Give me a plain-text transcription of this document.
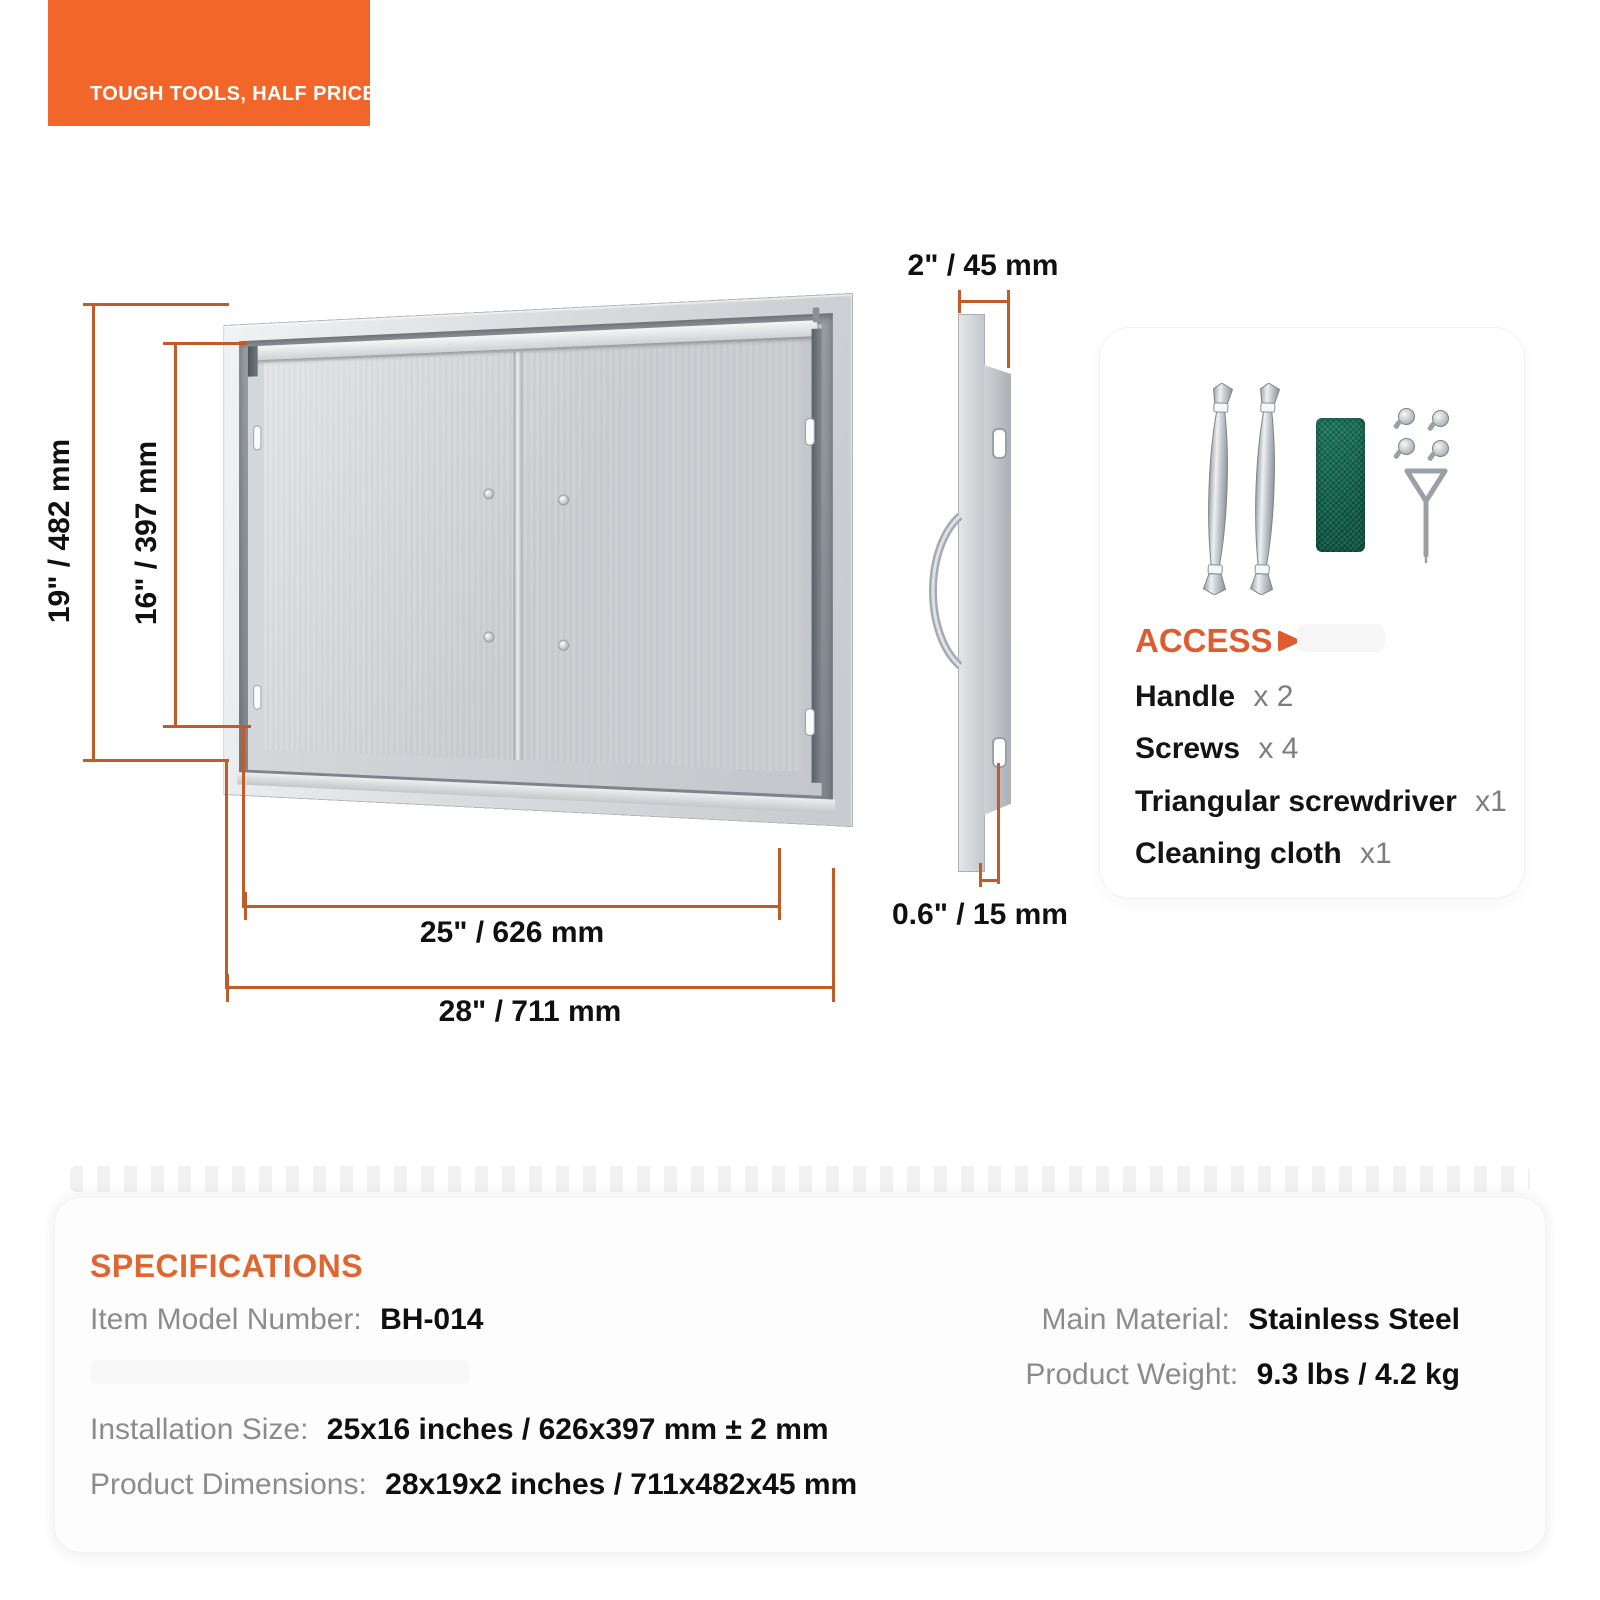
TOUGH TOOLS, HALF PRICE
19" / 482 mm 16" / 397 mm
25" / 626 mm
28" / 711 mm
2" / 45 mm
0.6" / 15 mm
ACCESS
Handle x 2
Screws x 4
Triangular screwdriver x1
Cleaning cloth x1
SPECIFICATIONS
Item Model Number: BH-014
Installation Size: 25x16 inches / 626x397 mm ± 2 mm
Product Dimensions: 28x19x2 inches / 711x482x45 mm
Main Material: Stainless Steel
Product Weight: 9.3 lbs / 4.2 kg
